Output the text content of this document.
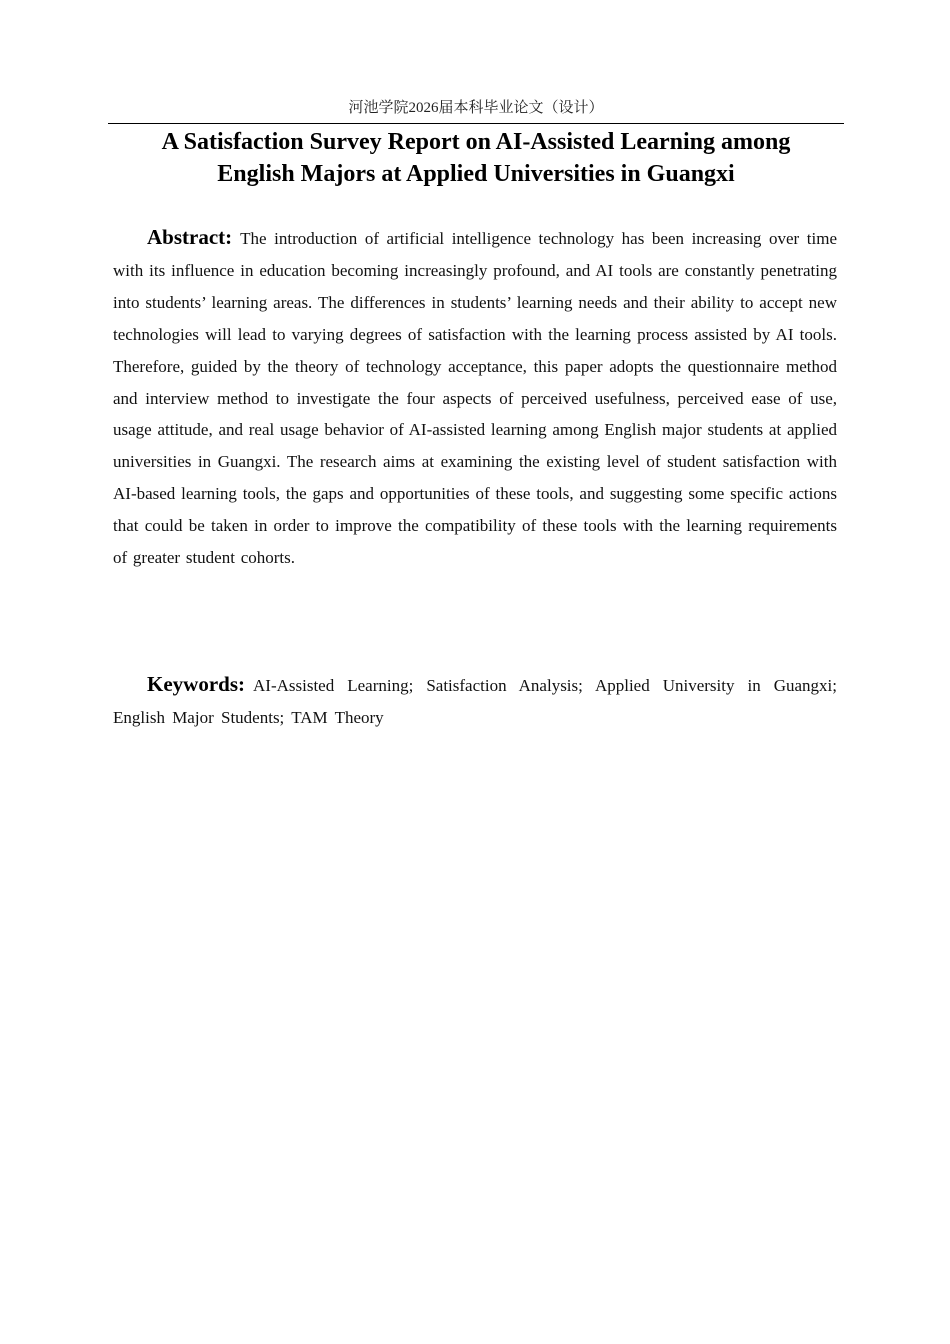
河池学院2026届本科毕业论文（设计）
A Satisfaction Survey Report on AI-Assisted Learning among
English Majors at Applied Universities in Guangxi

Abstract: The introduction of artificial intelligence technology has been increasing over time with its influence in education becoming increasingly profound, and AI tools are constantly penetrating into students’ learning areas. The differences in students’ learning needs and their ability to accept new technologies will lead to varying degrees of satisfaction with the learning process assisted by AI tools. Therefore, guided by the theory of technology acceptance, this paper adopts the questionnaire method and interview method to investigate the four aspects of perceived usefulness, perceived ease of use, usage attitude, and real usage behavior of AI-assisted learning among English major students at applied universities in Guangxi. The research aims at examining the existing level of student satisfaction with AI-based learning tools, the gaps and opportunities of these tools, and suggesting some specific actions that could be taken in order to improve the compatibility of these tools with the learning requirements of greater student cohorts.

Keywords: AI-Assisted Learning; Satisfaction Analysis; Applied University in Guangxi; English Major Students; TAM Theory
